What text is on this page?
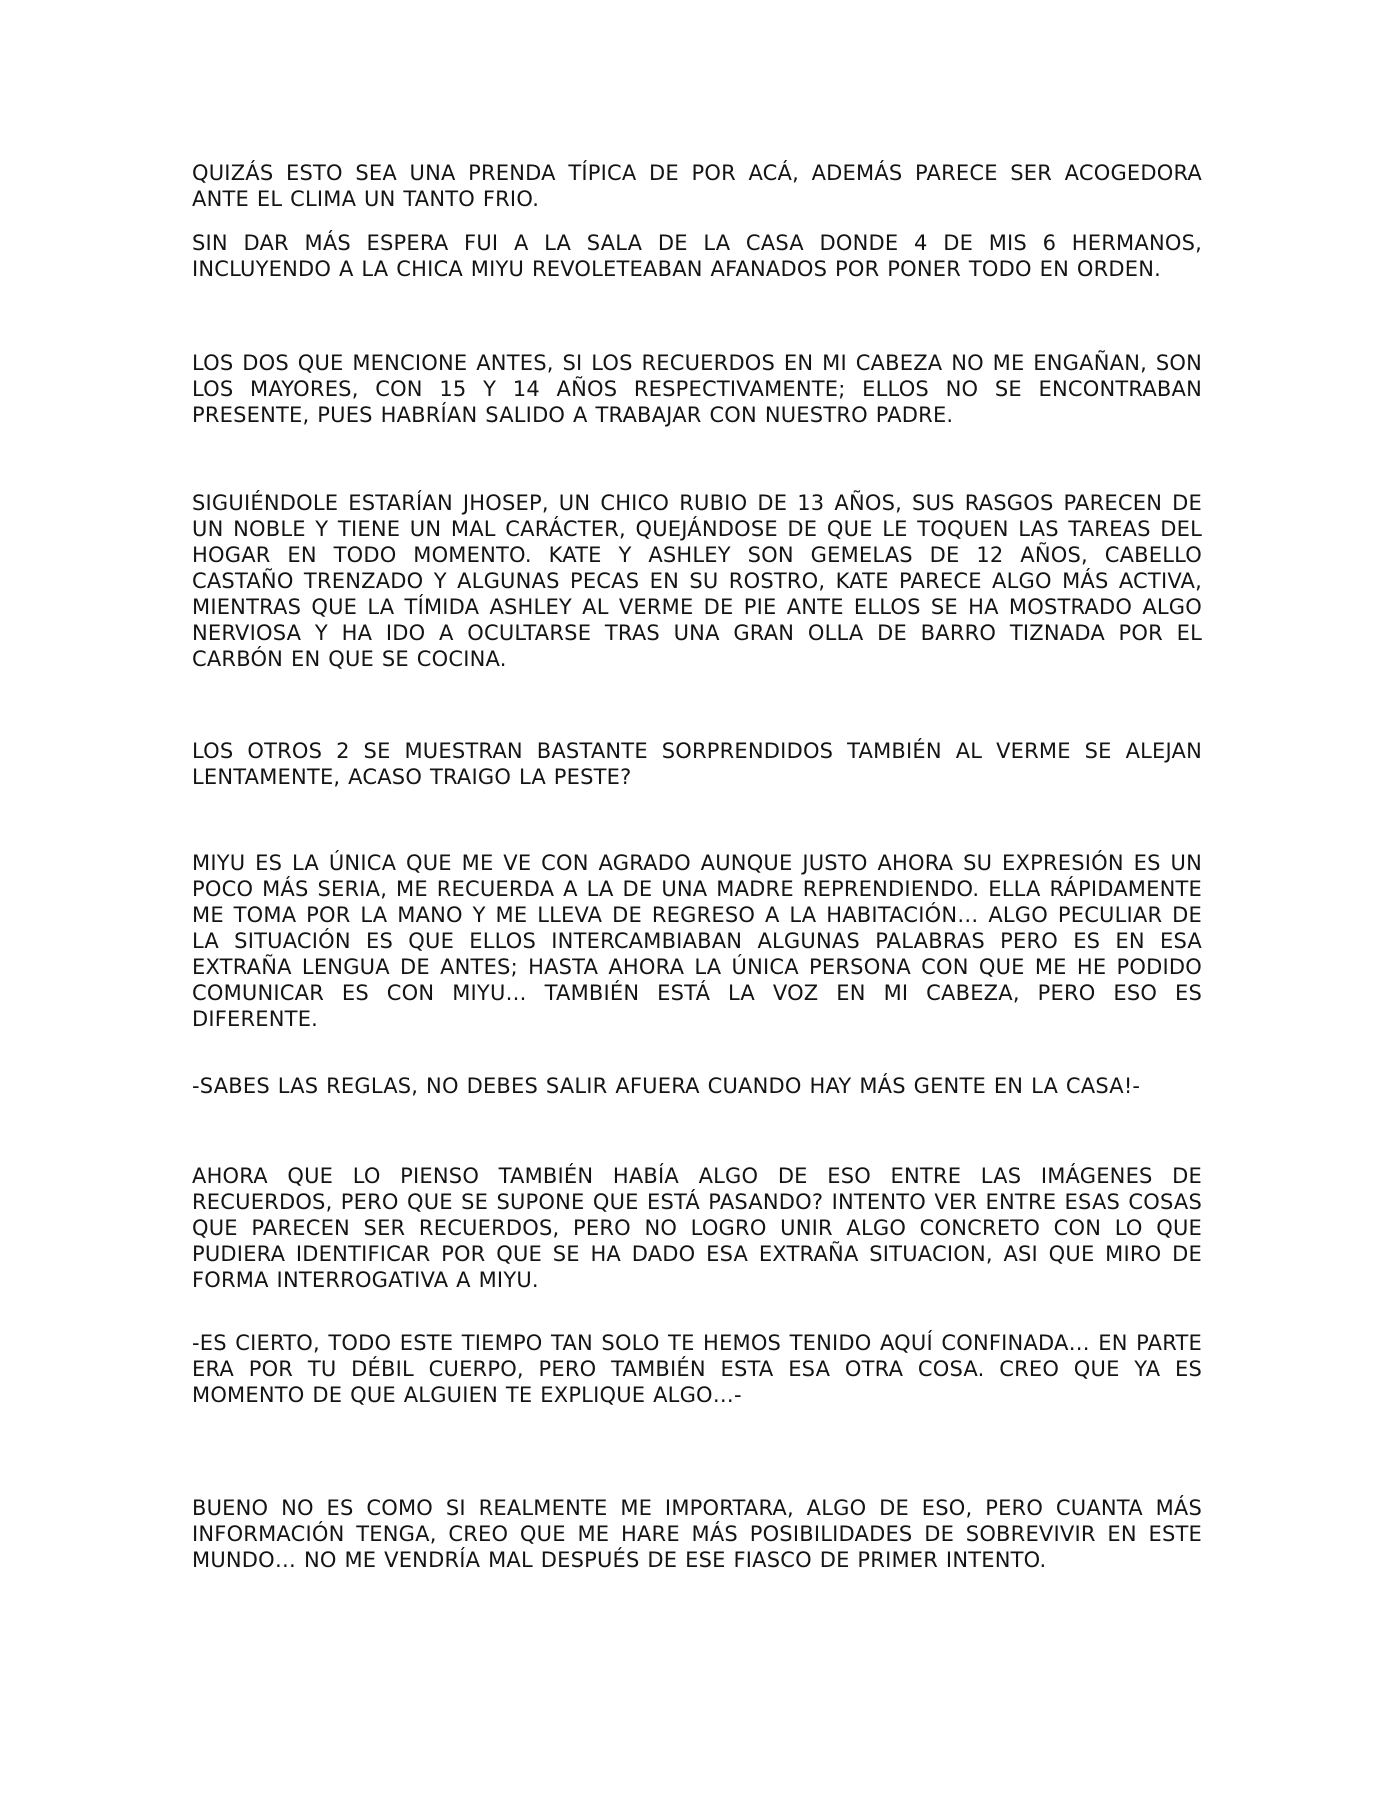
QUIZÁS ESTO SEA UNA PRENDA TÍPICA DE POR ACÁ, ADEMÁS PARECE SER ACOGEDORA ANTE EL CLIMA UN TANTO FRIO.

SIN DAR MÁS ESPERA FUI A LA SALA DE LA CASA DONDE 4 DE MIS 6 HERMANOS, INCLUYENDO A LA CHICA MIYU REVOLETEABAN AFANADOS POR PONER TODO EN ORDEN.

LOS DOS QUE MENCIONE ANTES, SI LOS RECUERDOS EN MI CABEZA NO ME ENGAÑAN, SON LOS MAYORES, CON 15 Y 14 AÑOS RESPECTIVAMENTE; ELLOS NO SE ENCONTRABAN PRESENTE, PUES HABRÍAN SALIDO A TRABAJAR CON NUESTRO PADRE.

SIGUIÉNDOLE ESTARÍAN JHOSEP, UN CHICO RUBIO DE 13 AÑOS, SUS RASGOS PARECEN DE UN NOBLE Y TIENE UN MAL CARÁCTER, QUEJÁNDOSE DE QUE LE TOQUEN LAS TAREAS DEL HOGAR EN TODO MOMENTO. KATE Y ASHLEY SON GEMELAS DE 12 AÑOS, CABELLO CASTAÑO TRENZADO Y ALGUNAS PECAS EN SU ROSTRO, KATE PARECE ALGO MÁS ACTIVA, MIENTRAS QUE LA TÍMIDA ASHLEY AL VERME DE PIE ANTE ELLOS SE HA MOSTRADO ALGO NERVIOSA Y HA IDO A OCULTARSE TRAS UNA GRAN OLLA DE BARRO TIZNADA POR EL CARBÓN EN QUE SE COCINA.

LOS OTROS 2 SE MUESTRAN BASTANTE SORPRENDIDOS TAMBIÉN AL VERME SE ALEJAN LENTAMENTE, ACASO TRAIGO LA PESTE?

MIYU ES LA ÚNICA QUE ME VE CON AGRADO AUNQUE JUSTO AHORA SU EXPRESIÓN ES UN POCO MÁS SERIA, ME RECUERDA A LA DE UNA MADRE REPRENDIENDO. ELLA RÁPIDAMENTE ME TOMA POR LA MANO Y ME LLEVA DE REGRESO A LA HABITACIÓN… ALGO PECULIAR DE LA SITUACIÓN ES QUE ELLOS INTERCAMBIABAN ALGUNAS PALABRAS PERO ES EN ESA EXTRAÑA LENGUA DE ANTES; HASTA AHORA LA ÚNICA PERSONA CON QUE ME HE PODIDO COMUNICAR ES CON MIYU… TAMBIÉN ESTÁ LA VOZ EN MI CABEZA, PERO ESO ES DIFERENTE.

-SABES LAS REGLAS, NO DEBES SALIR AFUERA CUANDO HAY MÁS GENTE EN LA CASA!-

AHORA QUE LO PIENSO TAMBIÉN HABÍA ALGO DE ESO ENTRE LAS IMÁGENES DE RECUERDOS, PERO QUE SE SUPONE QUE ESTÁ PASANDO? INTENTO VER ENTRE ESAS COSAS QUE PARECEN SER RECUERDOS, PERO NO LOGRO UNIR ALGO CONCRETO CON LO QUE PUDIERA IDENTIFICAR POR QUE SE HA DADO ESA EXTRAÑA SITUACION, ASI QUE MIRO DE FORMA INTERROGATIVA A MIYU.

-ES CIERTO, TODO ESTE TIEMPO TAN SOLO TE HEMOS TENIDO AQUÍ CONFINADA… EN PARTE ERA POR TU DÉBIL CUERPO, PERO TAMBIÉN ESTA ESA OTRA COSA. CREO QUE YA ES MOMENTO DE QUE ALGUIEN TE EXPLIQUE ALGO…-

BUENO NO ES COMO SI REALMENTE ME IMPORTARA, ALGO DE ESO, PERO CUANTA MÁS INFORMACIÓN TENGA, CREO QUE ME HARE MÁS POSIBILIDADES DE SOBREVIVIR EN ESTE MUNDO… NO ME VENDRÍA MAL DESPUÉS DE ESE FIASCO DE PRIMER INTENTO.
